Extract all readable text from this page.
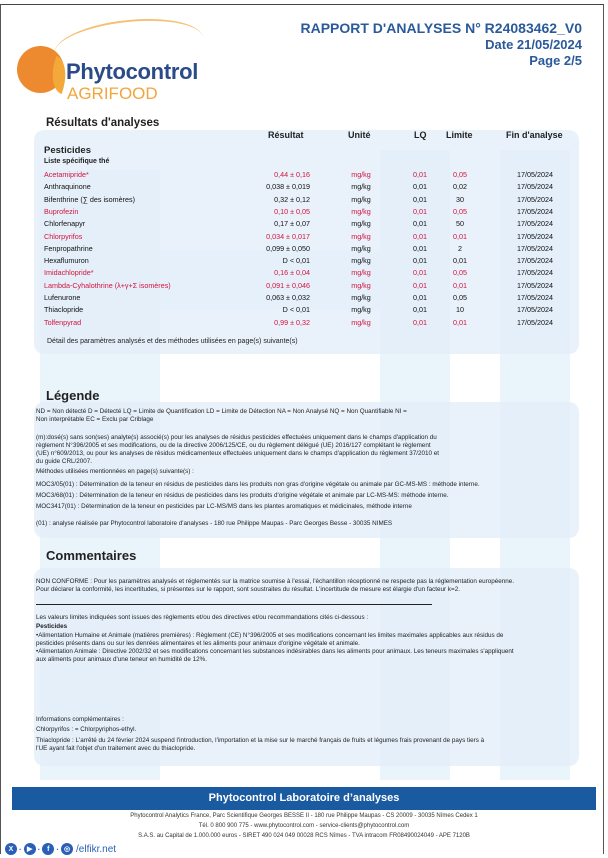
Phytocontrol
AGRIFOOD
RAPPORT D'ANALYSES N° R24083462_V0
Date 21/05/2024
Page 2/5
Résultats d'analyses
Résultat	Unité	LQ Limite	Fin d'analyse
Pesticides
Liste spécifique thé
Acetamipride*	0,44 ± 0,16	mg/kg	0,01	0,05	17/05/2024
Anthraquinone	0,038 ± 0,019	mg/kg	0,01	0,02	17/05/2024
Bifenthrine (∑ des isomères)	0,32 ± 0,12	mg/kg	0,01	30	17/05/2024
Buprofezin	0,10 ± 0,05	mg/kg	0,01	0,05	17/05/2024
Chlorfenapyr	0,17 ± 0,07	mg/kg	0,01	50	17/05/2024
Chlorpyrifos	0,034 ± 0,017	mg/kg	0,01	0,01	17/05/2024
Fenpropathrine	0,099 ± 0,050	mg/kg	0,01	2	17/05/2024
Hexaflumuron	D < 0,01	mg/kg	0,01	0,01	17/05/2024
Imidachlopride*	0,16 ± 0,04	mg/kg	0,01	0,05	17/05/2024
Lambda-Cyhalothrine (λ+γ+Σ isomères)	0,091 ± 0,046	mg/kg	0,01	0,01	17/05/2024
Lufenurone	0,063 ± 0,032	mg/kg	0,01	0,05	17/05/2024
Thiaclopride	D < 0,01	mg/kg	0,01	10	17/05/2024
Tolfenpyrad	0,99 ± 0,32	mg/kg	0,01	0,01	17/05/2024
Détail des paramètres analysés et des méthodes utilisées en page(s) suivante(s)
Légende
ND = Non détecté D = Détecté LQ = Limite de Quantification LD = Limite de Détection NA = Non Analysé NQ = Non Quantifiable NI =
Non interprétable EC = Exclu par Criblage
(m):dosé(s) sans son(ses) analyte(s) associé(s) pour les analyses de résidus pesticides effectuées uniquement dans le champs d'application du
règlement N°396/2005 et ses modifications, ou de la directive 2006/125/CE, ou du règlement délégué (UE) 2016/127 complétant le règlement
(UE) n°609/2013, ou pour les analyses de résidus médicamenteux effectuées uniquement dans le champs d'application du règlement 37/2010 et
du guide CRL/2007.
Méthodes utilisées mentionnées en page(s) suivante(s) :
MOC3/05(01) : Détermination de la teneur en résidus de pesticides dans les produits non gras d'origine végétale ou animale par GC-MS-MS : méthode interne.
MOC3/68(01) : Détermination de la teneur en résidus de pesticides dans les produits d'origine végétale et animale par LC-MS-MS: méthode interne.
MOC3417(01) : Détermination de la teneur en pesticides par LC-MS/MS dans les plantes aromatiques et médicinales, méthode interne
(01) : analyse réalisée par Phytocontrol laboratoire d'analyses - 180 rue Philippe Maupas - Parc Georges Besse - 30035 NIMES
Commentaires
NON CONFORME : Pour les paramètres analysés et réglementés sur la matrice soumise à l'essai, l'échantillon réceptionné ne respecte pas la réglementation européenne.
Pour déclarer la conformité, les incertitudes, si présentes sur le rapport, sont soustraites du résultat. L'incertitude de mesure est élargie d'un facteur k=2.
Les valeurs limites indiquées sont issues des règlements et/ou des directives et/ou recommandations cités ci-dessous :
Pesticides
•Alimentation Humaine et Animale (matières premières) : Règlement (CE) N°396/2005 et ses modifications concernant les limites maximales applicables aux résidus de
pesticides présents dans ou sur les denrées alimentaires et les aliments pour animaux d'origine végétale et animale.
•Alimentation Animale : Directive 2002/32 et ses modifications concernant les substances indésirables dans les aliments pour animaux. Les teneurs maximales s'appliquent
aux aliments pour animaux d'une teneur en humidité de 12%.
Informations complémentaires :
Chlorpyrifos : = Chlorpyriphos-ethyl.
Thiaclopride : L'arrêté du 24 février 2024 suspend l'introduction, l'importation et la mise sur le marché français de fruits et légumes frais provenant de pays tiers à
l'UE ayant fait l'objet d'un traitement avec du thiaclopride.
Phytocontrol Laboratoire d’analyses
Phytocontrol Analytics France, Parc Scientifique Georges BESSE II - 180 rue Philippe Maupas - CS 20009 - 30035 Nîmes Cedex 1
Tél. 0 800 900 775 - www.phytocontrol.com - service-clients@phytocontrol.com
S.A.S. au Capital de 1.000.000 euros - SIRET 490 024 049 00028 RCS Nîmes - TVA intracom FR08490024049 - APE 7120B
X · ▶ · f · ◎ /elfikr.net
